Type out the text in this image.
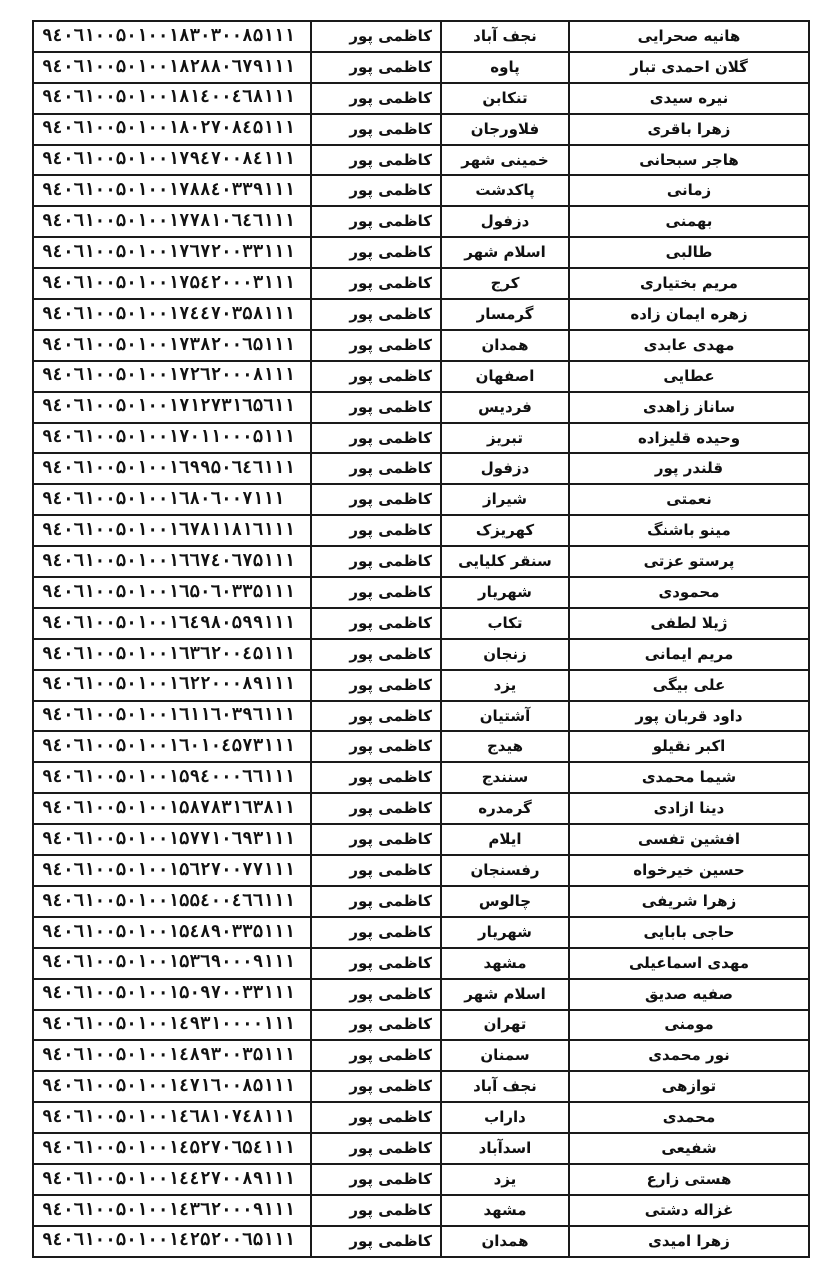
هانیه صحرایی	نجف آباد	کاظمی پور	۹٤۰٦۱۰۰۵۰۱۰۰۱۸۳۰۳۰۰۸۵۱۱۱
گلان احمدی تبار	پاوه	کاظمی پور	۹٤۰٦۱۰۰۵۰۱۰۰۱۸۲۸۸۰٦۷۹۱۱۱
نیره سیدی	تنکابن	کاظمی پور	۹٤۰٦۱۰۰۵۰۱۰۰۱۸۱٤۰۰٤٦۸۱۱۱
زهرا باقری	فلاورجان	کاظمی پور	۹٤۰٦۱۰۰۵۰۱۰۰۱۸۰۲۷۰۸٤۵۱۱۱
هاجر سبحانی	خمینی شهر	کاظمی پور	۹٤۰٦۱۰۰۵۰۱۰۰۱۷۹٤۷۰۰۸٤۱۱۱
زمانی	پاکدشت	کاظمی پور	۹٤۰٦۱۰۰۵۰۱۰۰۱۷۸۸٤۰۳۳۹۱۱۱
بهمنی	دزفول	کاظمی پور	۹٤۰٦۱۰۰۵۰۱۰۰۱۷۷۸۱۰٦٤٦۱۱۱
طالبی	اسلام شهر	کاظمی پور	۹٤۰٦۱۰۰۵۰۱۰۰۱۷٦۷۲۰۰۳۳۱۱۱
مریم بختیاری	کرج	کاظمی پور	۹٤۰٦۱۰۰۵۰۱۰۰۱۷۵٤۲۰۰۰۳۱۱۱
زهره ایمان زاده	گرمسار	کاظمی پور	۹٤۰٦۱۰۰۵۰۱۰۰۱۷٤٤۷۰۳۵۸۱۱۱
مهدی عابدی	همدان	کاظمی پور	۹٤۰٦۱۰۰۵۰۱۰۰۱۷۳۸۲۰۰٦۵۱۱۱
عطایی	اصفهان	کاظمی پور	۹٤۰٦۱۰۰۵۰۱۰۰۱۷۲٦۲۰۰۰۸۱۱۱
ساناز زاهدی	فردیس	کاظمی پور	۹٤۰٦۱۰۰۵۰۱۰۰۱۷۱۲۷۳۱٦۵٦۱۱
وحیده قلیزاده	تبریز	کاظمی پور	۹٤۰٦۱۰۰۵۰۱۰۰۱۷۰۱۱۰۰۰۵۱۱۱
قلندر پور	دزفول	کاظمی پور	۹٤۰٦۱۰۰۵۰۱۰۰۱٦۹۹۵۰٦٤٦۱۱۱
نعمتی	شیراز	کاظمی پور	۹٤۰٦۱۰۰۵۰۱۰۰۱٦۸۰٦۰۰۷۱۱۱
مینو باشنگ	کهریزک	کاظمی پور	۹٤۰٦۱۰۰۵۰۱۰۰۱٦۷۸۱۱۸۱٦۱۱۱
پرستو عزتی	سنقر کلیایی	کاظمی پور	۹٤۰٦۱۰۰۵۰۱۰۰۱٦٦۷٤۰٦۷۵۱۱۱
محمودی	شهریار	کاظمی پور	۹٤۰٦۱۰۰۵۰۱۰۰۱٦۵۰٦۰۳۳۵۱۱۱
ژیلا لطفی	تکاب	کاظمی پور	۹٤۰٦۱۰۰۵۰۱۰۰۱٦٤۹۸۰۵۹۹۱۱۱
مریم ایمانی	زنجان	کاظمی پور	۹٤۰٦۱۰۰۵۰۱۰۰۱٦۳٦۲۰۰٤۵۱۱۱
علی بیگی	یزد	کاظمی پور	۹٤۰٦۱۰۰۵۰۱۰۰۱٦۲۲۰۰۰۸۹۱۱۱
داود قربان پور	آشتیان	کاظمی پور	۹٤۰٦۱۰۰۵۰۱۰۰۱٦۱۱٦۰۳۹٦۱۱۱
اکبر نقیلو	هیدج	کاظمی پور	۹٤۰٦۱۰۰۵۰۱۰۰۱٦۰۱۰٤۵۷۳۱۱۱
شیما محمدی	سنندج	کاظمی پور	۹٤۰٦۱۰۰۵۰۱۰۰۱۵۹٤۰۰۰٦٦۱۱۱
دینا ازادی	گرمدره	کاظمی پور	۹٤۰٦۱۰۰۵۰۱۰۰۱۵۸۷۸۳۱٦۳۸۱۱
افشین تفسی	ایلام	کاظمی پور	۹٤۰٦۱۰۰۵۰۱۰۰۱۵۷۷۱۰٦۹۳۱۱۱
حسین خیرخواه	رفسنجان	کاظمی پور	۹٤۰٦۱۰۰۵۰۱۰۰۱۵٦۲۷۰۰۷۷۱۱۱
زهرا شریفی	چالوس	کاظمی پور	۹٤۰٦۱۰۰۵۰۱۰۰۱۵۵٤۰۰٤٦٦۱۱۱
حاجی بابایی	شهریار	کاظمی پور	۹٤۰٦۱۰۰۵۰۱۰۰۱۵٤۸۹۰۳۳۵۱۱۱
مهدی اسماعیلی	مشهد	کاظمی پور	۹٤۰٦۱۰۰۵۰۱۰۰۱۵۳٦۹۰۰۰۹۱۱۱
صفیه صدیق	اسلام شهر	کاظمی پور	۹٤۰٦۱۰۰۵۰۱۰۰۱۵۰۹۷۰۰۳۳۱۱۱
مومنی	تهران	کاظمی پور	۹٤۰٦۱۰۰۵۰۱۰۰۱٤۹۳۱۰۰۰۰۱۱۱
نور محمدی	سمنان	کاظمی پور	۹٤۰٦۱۰۰۵۰۱۰۰۱٤۸۹۳۰۰۳۵۱۱۱
توازهی	نجف آباد	کاظمی پور	۹٤۰٦۱۰۰۵۰۱۰۰۱٤۷۱٦۰۰۸۵۱۱۱
محمدی	داراب	کاظمی پور	۹٤۰٦۱۰۰۵۰۱۰۰۱٤٦۸۱۰۷٤۸۱۱۱
شفیعی	اسدآباد	کاظمی پور	۹٤۰٦۱۰۰۵۰۱۰۰۱٤۵۲۷۰٦۵٤۱۱۱
هستی زارع	یزد	کاظمی پور	۹٤۰٦۱۰۰۵۰۱۰۰۱٤٤۲۷۰۰۸۹۱۱۱
غزاله دشتی	مشهد	کاظمی پور	۹٤۰٦۱۰۰۵۰۱۰۰۱٤۳٦۲۰۰۰۹۱۱۱
زهرا امیدی	همدان	کاظمی پور	۹٤۰٦۱۰۰۵۰۱۰۰۱٤۲۵۲۰۰٦۵۱۱۱
